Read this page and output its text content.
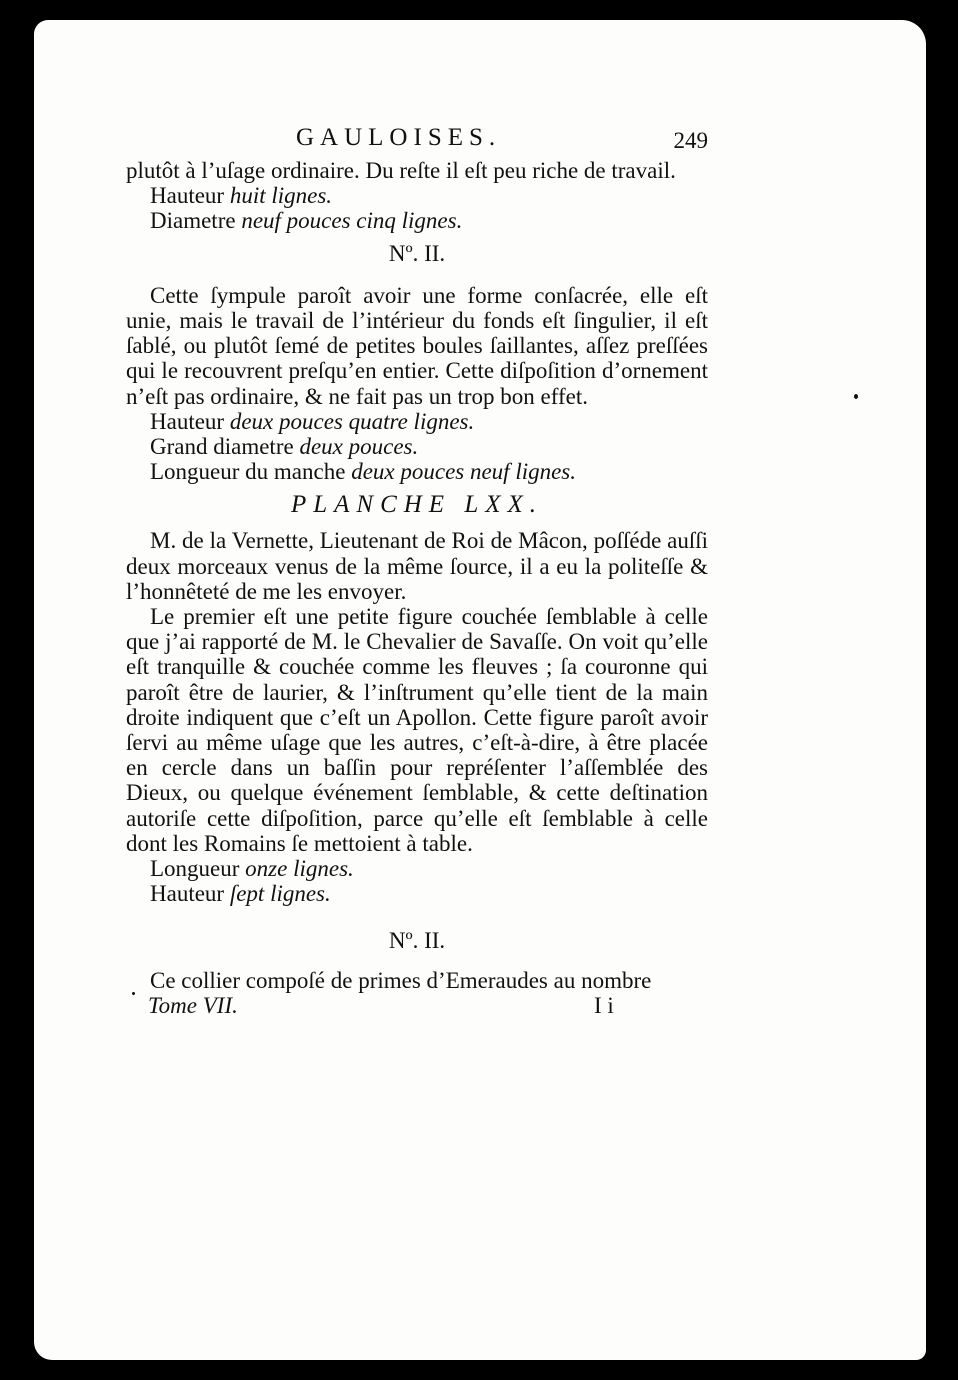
GAULOISES.	249

plutôt à l’uſage ordinaire. Du reſte il eſt peu riche de travail.

Hauteur huit lignes.

Diametre neuf pouces cinq lignes.

Nº. II.

Cette ſympule paroît avoir une forme conſacrée, elle eſt unie, mais le travail de l’intérieur du fonds eſt ſingulier, il eſt ſablé, ou plutôt ſemé de petites boules ſaillantes, aſſez preſſées qui le recouvrent preſqu’en entier. Cette diſpoſition d’ornement n’eſt pas ordinaire, & ne fait pas un trop bon effet.

Hauteur deux pouces quatre lignes.

Grand diametre deux pouces.

Longueur du manche deux pouces neuf lignes.

PLANCHE LXX.

M. de la Vernette, Lieutenant de Roi de Mâcon, poſſéde auſſi deux morceaux venus de la même ſource, il a eu la politeſſe & l’honnêteté de me les envoyer.

Le premier eſt une petite figure couchée ſemblable à celle que j’ai rapporté de M. le Chevalier de Savaſſe. On voit qu’elle eſt tranquille & couchée comme les fleuves ; ſa couronne qui paroît être de laurier, & l’inſtrument qu’elle tient de la main droite indiquent que c’eſt un Apollon. Cette figure paroît avoir ſervi au même uſage que les autres, c’eſt-à-dire, à être placée en cercle dans un baſſin pour repréſenter l’aſſemblée des Dieux, ou quelque événement ſemblable, & cette deſtination autoriſe cette diſpoſition, parce qu’elle eſt ſemblable à celle dont les Romains ſe mettoient à table.

Longueur onze lignes.

Hauteur ſept lignes.

Nº. II.

Ce collier compoſé de primes d’Emeraudes au nombre

Tome VII.	I i
